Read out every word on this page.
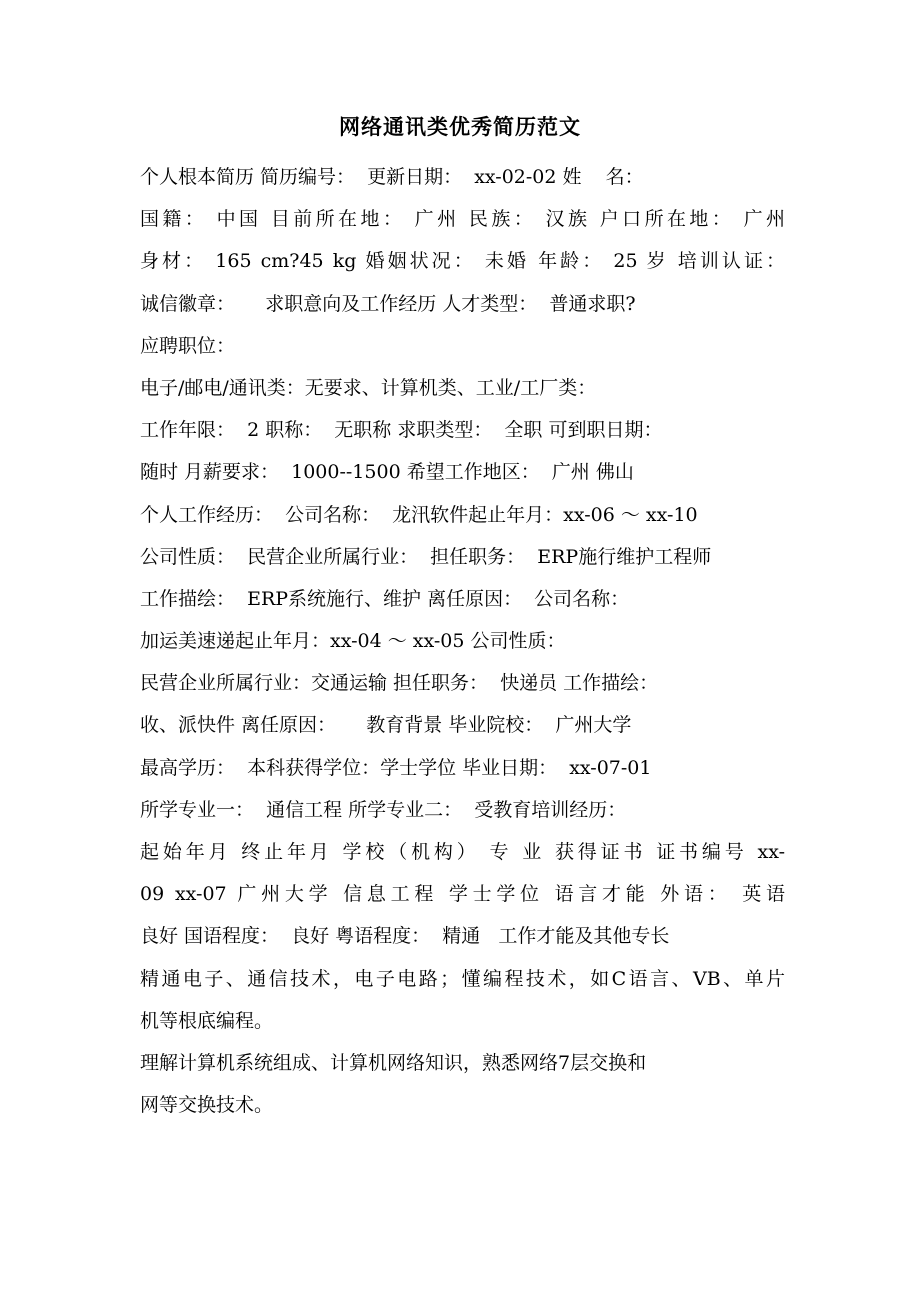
网络通讯类优秀简历范文
个人根本简历 简历编号：  更新日期：  xx-02-02 姓    名：
国籍： 中国 目前所在地： 广州 民族： 汉族 户口所在地： 广州
身材： 165 cm?45 kg 婚姻状况： 未婚 年龄： 25 岁 培训认证：
诚信徽章：     求职意向及工作经历 人才类型：  普通求职?
应聘职位：
电子/邮电/通讯类：无要求、计算机类、工业/工厂类：
工作年限：  2 职称：  无职称 求职类型：  全职 可到职日期：
随时 月薪要求：  1000--1500 希望工作地区：  广州 佛山
个人工作经历：  公司名称：  龙汛软件起止年月：xx-06 ～ xx-10
公司性质：  民营企业所属行业：  担任职务：  ERP施行维护工程师
工作描绘：  ERP系统施行、维护 离任原因：  公司名称：
加运美速递起止年月：xx-04 ～ xx-05 公司性质：
民营企业所属行业：交通运输 担任职务：  快递员 工作描绘：
收、派快件 离任原因：     教育背景 毕业院校：  广州大学
最高学历：  本科获得学位：学士学位 毕业日期：  xx-07-01
所学专业一：  通信工程 所学专业二：  受教育培训经历：
起始年月 终止年月 学校（机构） 专 业 获得证书 证书编号 xx-
09 xx-07 广州大学 信息工程 学士学位 语言才能 外语： 英语
良好 国语程度：  良好 粤语程度：  精通   工作才能及其他专长
精通电子、通信技术，电子电路；懂编程技术，如C语言、VB、单片
机等根底编程。
理解计算机系统组成、计算机网络知识，熟悉网络7层交换和
网等交换技术。
